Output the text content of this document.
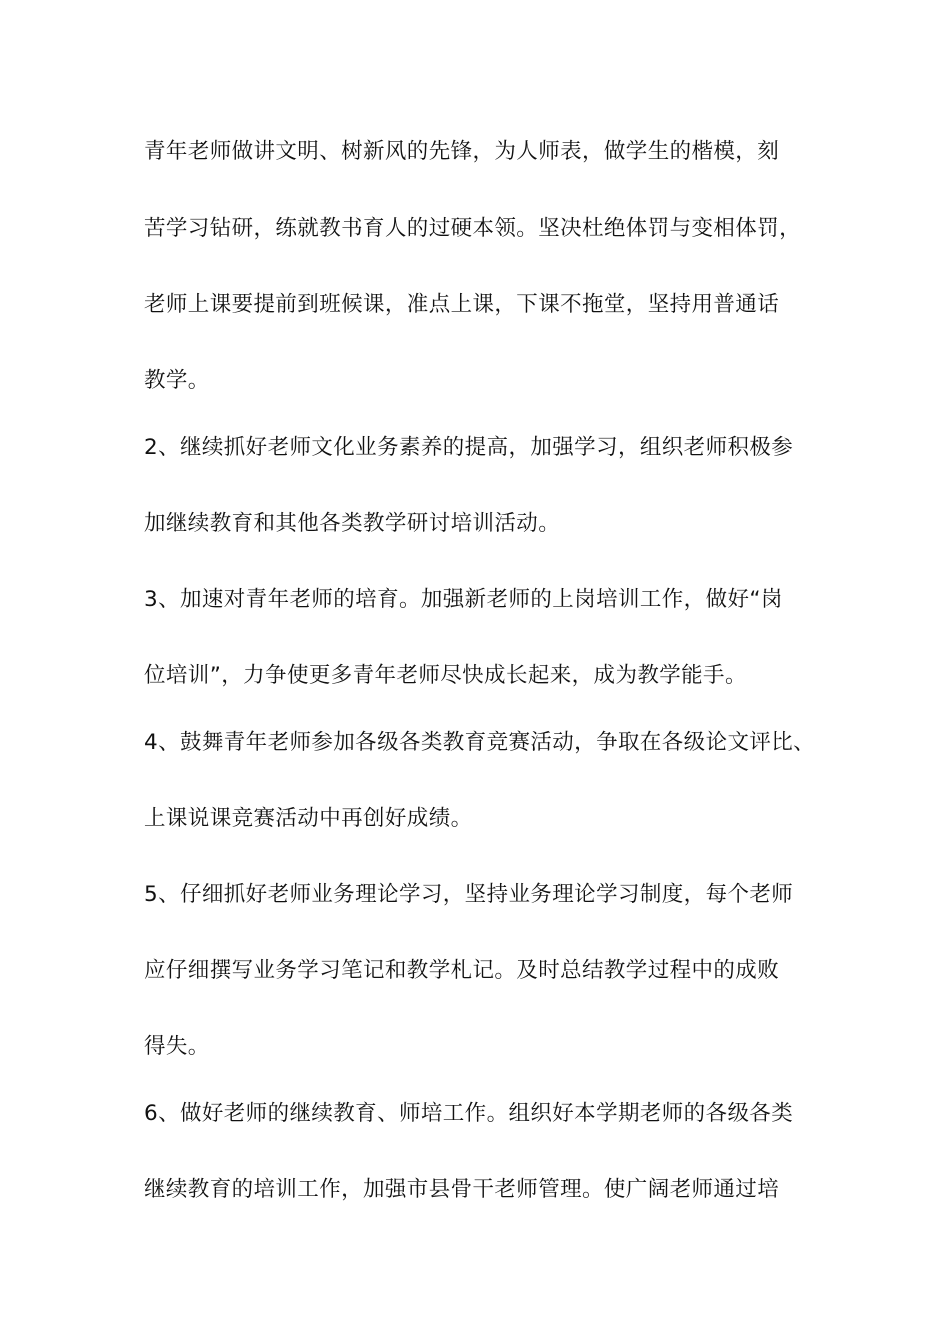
青年老师做讲文明、树新风的先锋，为人师表，做学生的楷模，刻
苦学习钻研，练就教书育人的过硬本领。坚决杜绝体罚与变相体罚，
老师上课要提前到班候课，准点上课，下课不拖堂，坚持用普通话
教学。
2、继续抓好老师文化业务素养的提高，加强学习，组织老师积极参
加继续教育和其他各类教学研讨培训活动。
3、加速对青年老师的培育。加强新老师的上岗培训工作，做好“岗
位培训”，力争使更多青年老师尽快成长起来，成为教学能手。
4、鼓舞青年老师参加各级各类教育竞赛活动，争取在各级论文评比、
上课说课竞赛活动中再创好成绩。
5、仔细抓好老师业务理论学习，坚持业务理论学习制度，每个老师
应仔细撰写业务学习笔记和教学札记。及时总结教学过程中的成败
得失。
6、做好老师的继续教育、师培工作。组织好本学期老师的各级各类
继续教育的培训工作，加强市县骨干老师管理。使广阔老师通过培
